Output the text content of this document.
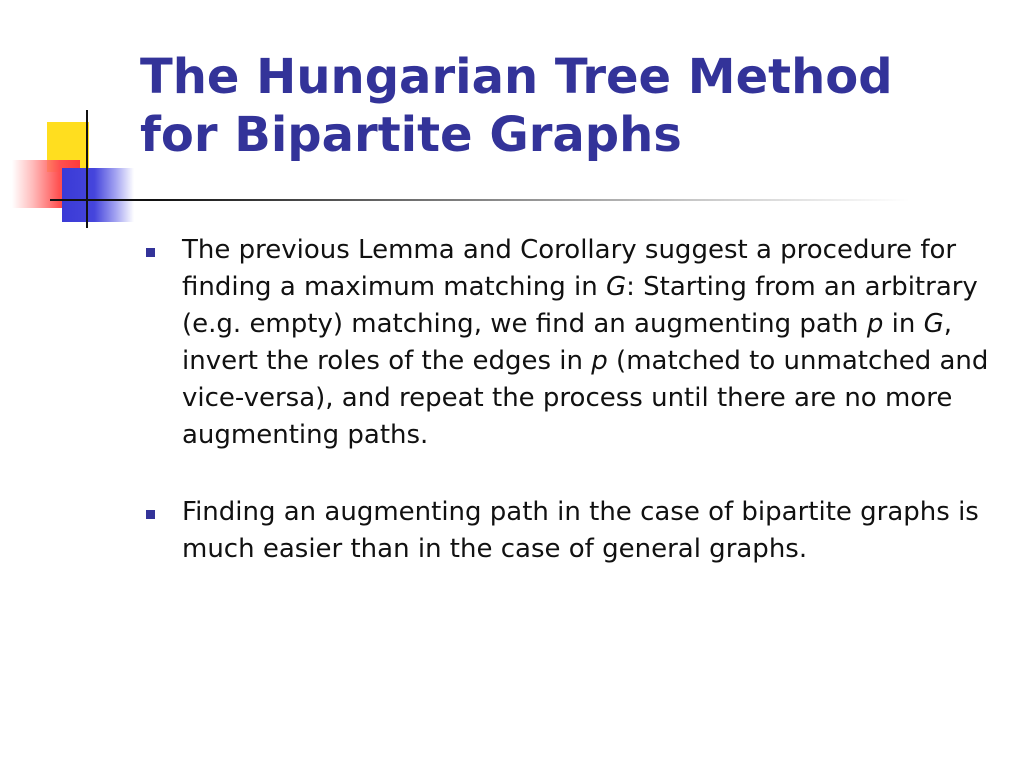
The Hungarian Tree Method
for Bipartite Graphs
The previous Lemma and Corollary suggest a procedure for finding a maximum matching in G: Starting from an arbitrary (e.g. empty) matching, we find an augmenting path p in G, invert the roles of the edges in p (matched to unmatched and vice-versa), and repeat the process until there are no more augmenting paths.
Finding an augmenting path in the case of bipartite graphs is much easier than in the case of general graphs.
